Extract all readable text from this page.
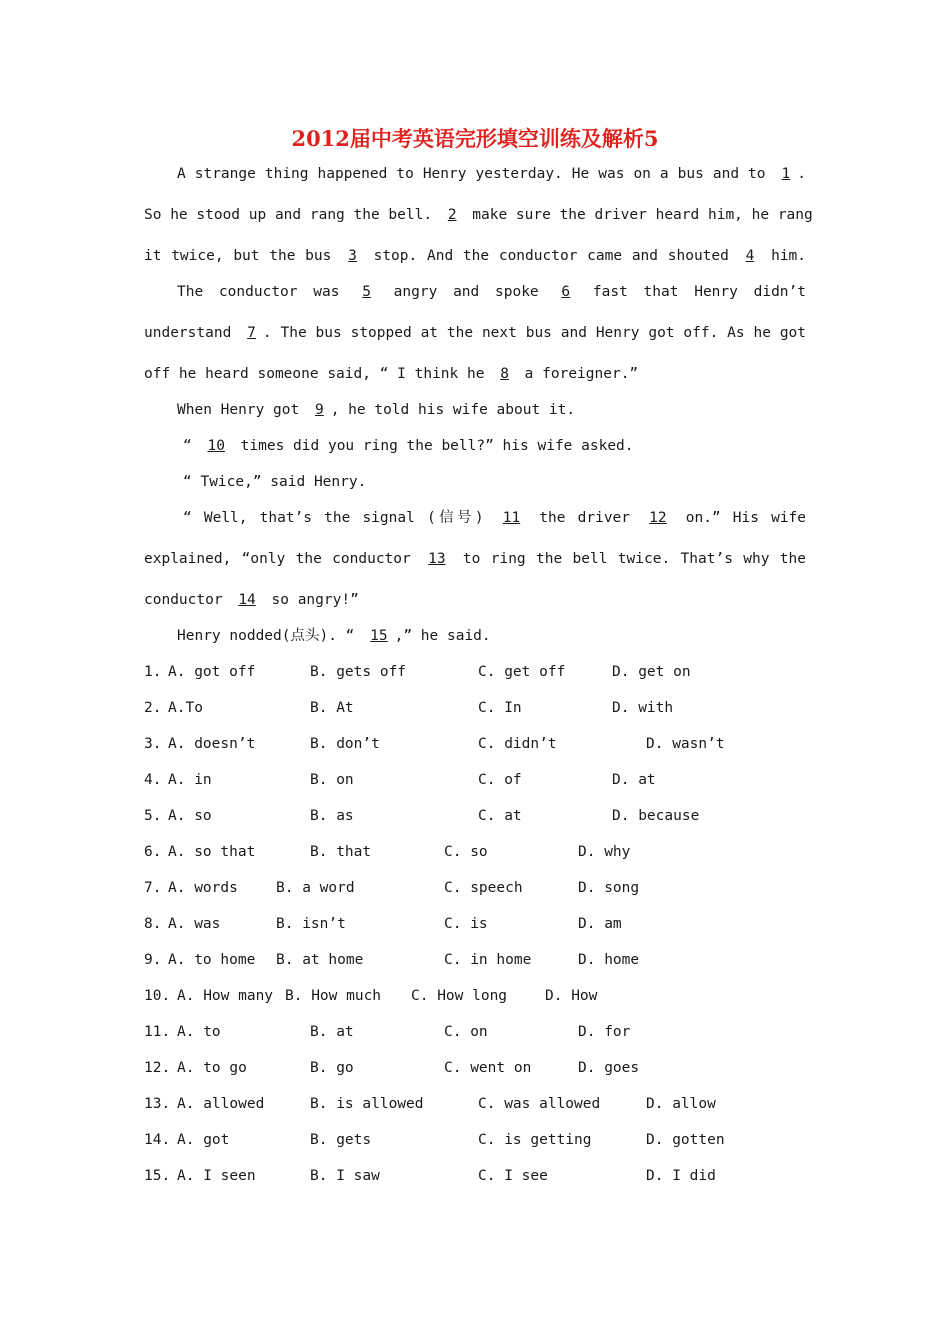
2012届中考英语完形填空训练及解析5
A strange thing happened to Henry yesterday. He was on a bus and to 1 .
So he stood up and rang the bell. 2 make sure the driver heard him, he rang
it twice, but the bus 3 stop. And the conductor came and shouted 4 him.
The conductor was 5 angry and spoke 6 fast that Henry didn’t
understand 7 . The bus stopped at the next bus and Henry got off. As he got
off he heard someone said, “ I think he 8 a foreigner.”
When Henry got 9 , he told his wife about it.
“ 10 times did you ring the bell?” his wife asked.
“ Twice,” said Henry.
“ Well, that’s the signal (信号) 11 the driver 12 on.” His wife
explained, “only the conductor 13 to ring the bell twice. That’s why the
conductor 14 so angry!”
Henry nodded(点头). “ 15 ,” he said.
1. A. got off	B. gets off	C. get off	D. get on
2. A.To	B. At	C. In	D. with
3. A. doesn’t	B. don’t	C. didn’t	D. wasn’t
4. A. in	B. on	C. of	D. at
5. A. so	B. as	C. at	D. because
6. A. so that	B. that	C. so	D. why
7. A. words	B. a word	C. speech	D. song
8. A. was	B. isn’t	C. is	D. am
9. A. to home B. at home	C. in home	D. home
10. A. How many B. How much C. How long	D. How
11. A. to	B. at	C. on	D. for
12. A. to go	B. go	C. went on	D. goes
13. A. allowed	B. is allowed	C. was allowed	D. allow
14. A. got	B. gets	C. is getting	D. gotten
15. A. I seen	B. I saw	C. I see	D. I did
